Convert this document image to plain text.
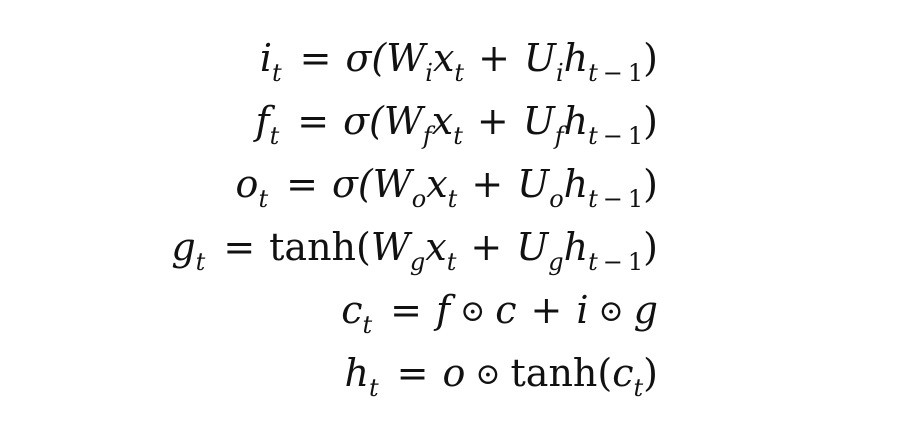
$i_t = \sigma(W_ix_t + U_ih_{t - 1})$
$f_t = \sigma(W_fx_t + U_fh_{t - 1})$
$o_t = \sigma(W_ox_t + U_oh_{t - 1})$
$g_t = \tanh(W_gx_t + U_gh_{t - 1})$
$c_t = f$ ⊙ c + i ⊙ g
$h_t = o$ ⊙ $\tanh(c_t)$
